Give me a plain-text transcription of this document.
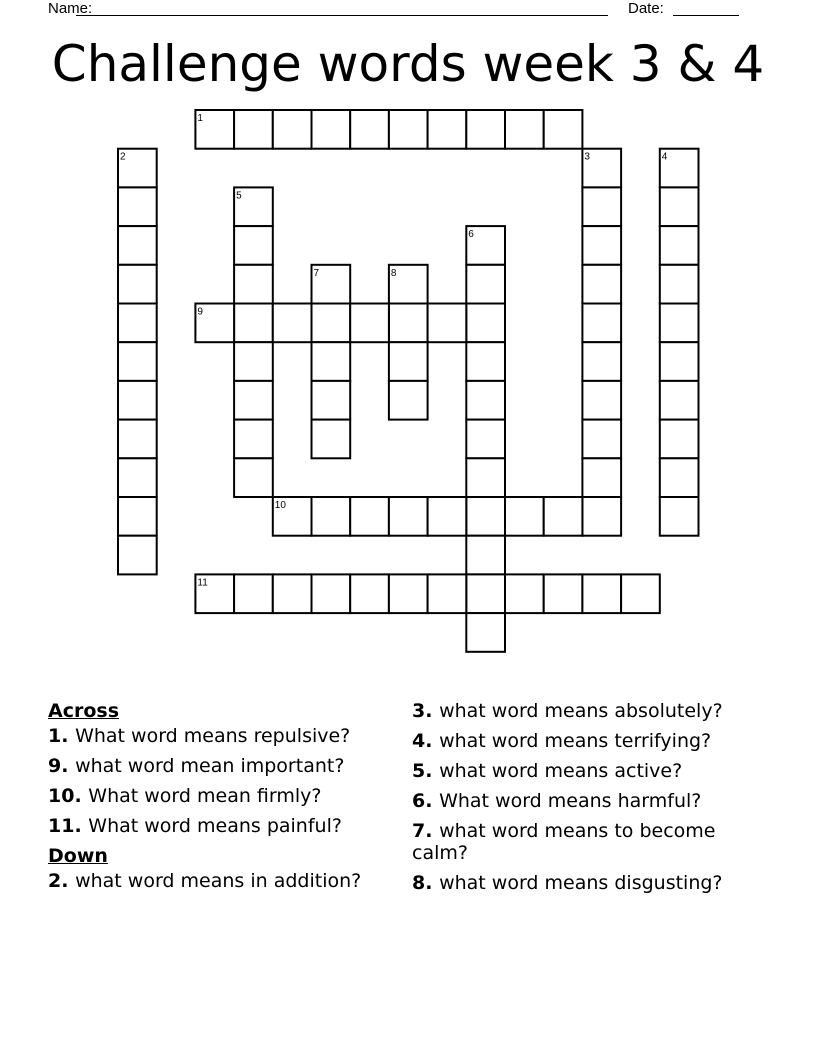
Name:	Date:
Challenge words week 3 & 4
1
2	3	4
5
6
7	8
9
10
11
Across
1. What word means repulsive?
9. what word mean important?
10. What word mean firmly?
11. What word means painful?
Down
2. what word means in addition?
3. what word means absolutely?
4. what word means terrifying?
5. what word means active?
6. What word means harmful?
7. what word means to become calm?
8. what word means disgusting?
